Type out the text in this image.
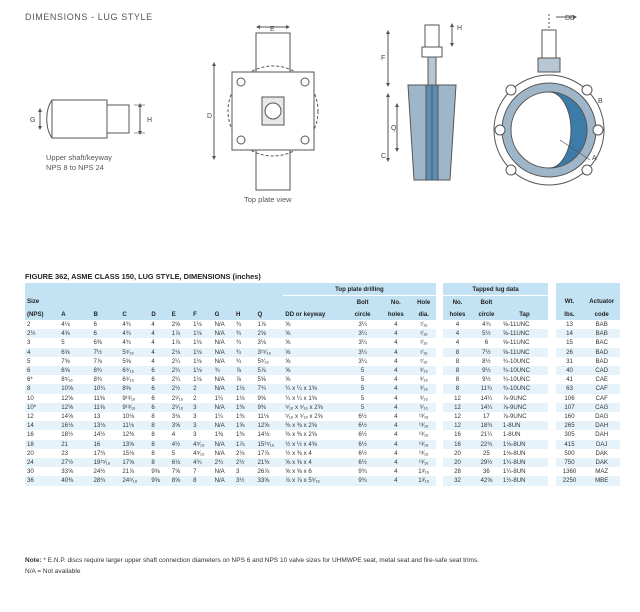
DIMENSIONS - LUG STYLE
G	H
E
D
F
Q
C
H
DD
B
A
Upper shaft/keyway
NPS 8 to NPS 24
Top plate view
FIGURE 362, ASME CLASS 150, LUG STYLE, DIMENSIONS (inches)
										Top plate drilling					Tapped lug data					
Size											Bolt	No.	Hole		No.	Bolt			Wt.	Actuator
(NPS)	A	B	C	D	E	F	G	H	Q	DD or keyway	circle	holes	dia.		holes	circle	Tap		lbs.	code
2	4⅛	6	4¾	4	2⅝	1⅛	N/A	¾	1⅞	⅝	3¼	4	⁷⁄₁₆		4	4¾	⅝-11UNC		13	BAB
2½	4⅝	6	4¾	4	1⅞	1⅛	N/A	¾	2⅝	⅝	3¼	4	⁷⁄₁₆		4	5½	⅝-11UNC		14	BAB
3	5	6⅜	4¾	4	1⅞	1⅛	N/A	¾	3⅛	⅝	3¼	4	⁷⁄₁₆		4	6	⅝-11UNC		15	BAC
4	6⅝	7½	5⁵⁄₁₆	4	2⅛	1⅛	N/A	¾	3¹⁵⁄₁₆	⅝	3¼	4	⁷⁄₁₆		8	7½	⅝-11UNC		26	BAD
5	7⅝	7⅞	5⅝	4	2¼	1⅛	N/A	¾	5⁵⁄₁₆	⅝	3¼	4	⁷⁄₁₆		8	8½	¾-10UNC		31	BAD
6	8⅝	8¾	6⁹⁄₁₆	6	2¼	1⅛	¾	⅞	5⅞	⅝	5	4	⁹⁄₁₆		8	9½	¾-10UNC		40	CAD
6*	8⁵⁄₁₆	8¾	6⁹⁄₁₆	6	2¼	1⅛	N/A	⅞	5⅝	⅝	5	4	⁹⁄₁₆		8	9½	¾-10UNC		41	CAE
8	10⅝	10¼	8⅝	6	2½	2	N/A	1⅛	7¾	¼ x ¼ x 1⅝	5	4	⁹⁄₁₆		8	11¾	¾-10UNC		63	CAF
10	12⅝	11⅝	9¹³⁄₁₆	6	2⁹⁄₁₆	2	1¼	1⅛	9⅝	¼ x ¼ x 1⅝	5	4	⁹⁄₁₆		12	14¼	⅞-9UNC		106	CAF
10*	12⅝	11⅝	9¹³⁄₁₆	6	2⁹⁄₁₆	3	N/A	1⅜	9⅜	⁵⁄₁₆ x ⁵⁄₁₆ x 2⅝	5	4	⁹⁄₁₆		12	14¼	⅞-9UNC		107	CAG
12	14⅝	13	10⅛	8	3⅛	3	1¼	1⅜	11⅛	⁵⁄₁₆ x ⁵⁄₁₆ x 2⅝	6½	4	¹³⁄₁₆		12	17	⅞-9UNC		160	DAG
14	16⅛	13⅛	11⅛	8	3⅝	3	N/A	1⅝	12⅝	⅜ x ⅜ x 2⅝	6½	4	¹³⁄₁₆		12	18¾	1-8UN		265	DAH
16	18½	14½	12⅜	8	4	3	1⅜	1⅜	14⅛	⅜ x ⅜ x 2⅝	6½	4	¹³⁄₁₆		16	21¼	1-8UN		305	DAH
18	21	16	13⅝	8	4½	4⁵⁄₁₆	N/A	1⅞	15¹⁵⁄₁₆	½ x ½ x 4⅝	6½	4	¹³⁄₁₆		16	22¾	1⅛-8UN		415	DAJ
20	23	17¾	15⅛	8	5	4⁵⁄₁₆	N/A	2⅛	17⅞	½ x ⅜ x 4	6½	4	¹³⁄₁₆		20	25	1⅛-8UN		500	DAK
24	27½	19¹⁵⁄₁₆	17⅝	8	6⅛	4¾	2¾	2½	21⅜	⅝ x ⅝ x 4	6½	4	¹³⁄₁₆		20	29½	1¼-8UN		750	DAK
30	33⅝	24½	21⅞	9⅝	7⅝	7	N/A	3	26⅞	⅝ x ⅝ x 6	9¾	4	1³⁄₁₆		28	36	1¼-8UN		1360	MAZ
36	40⅜	28¾	24⁹⁄₁₆	9⅝	8⅝	8	N/A	3½	33⅝	⅞ x ⅞ x 5⁹⁄₁₆	9¾	4	1³⁄₁₆		32	42⅝	1½-8UN		2250	MBE
Note: * E.N.P. discs require larger upper shaft connection diameters on NPS 6 and NPS 10 valve sizes for UHMWPE seat, metal seat and fire-safe seat trims.
N/A = Not available
